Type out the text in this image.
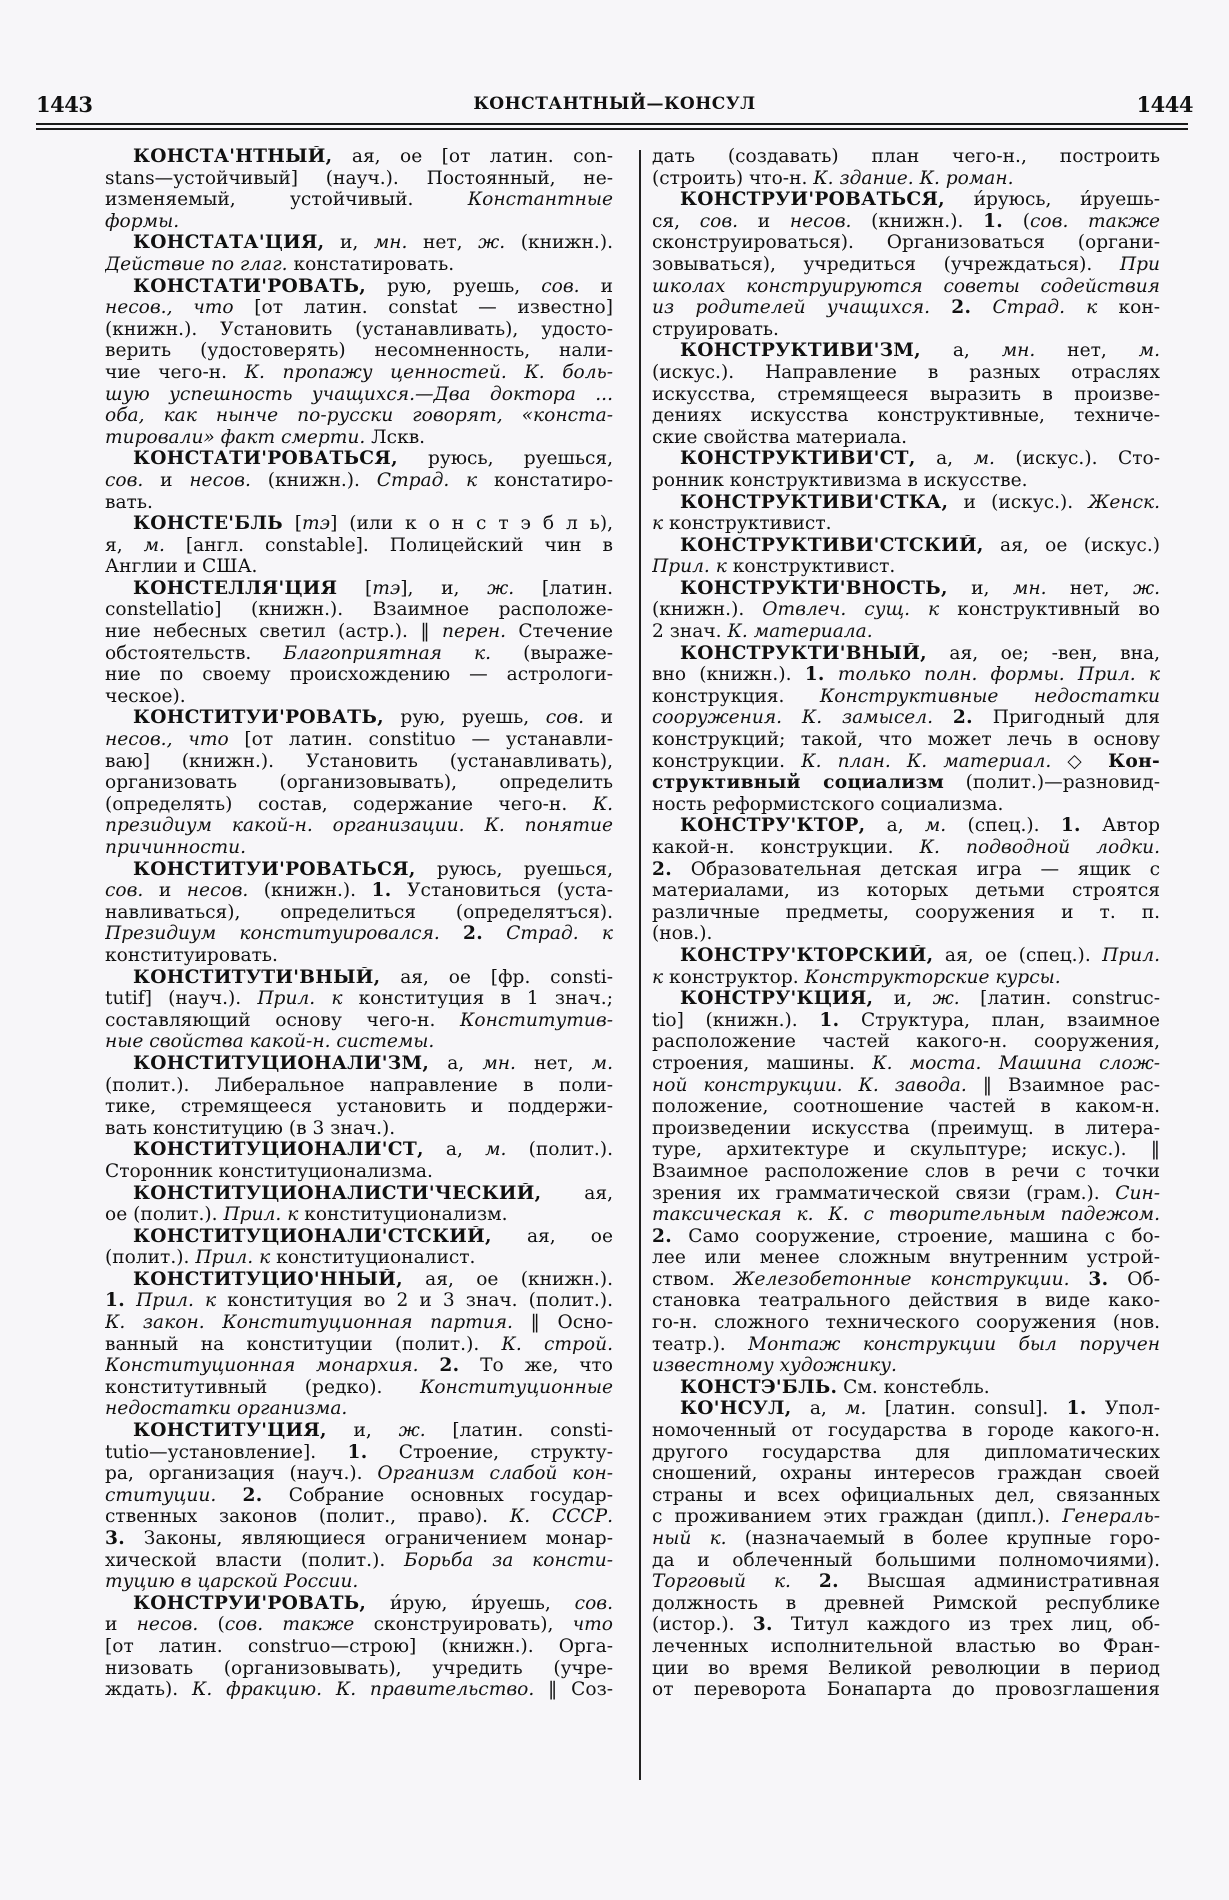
1443	КОНСТАНТНЫЙ—КОНСУЛ	1444
КОНСТА'НТНЫЙ, ая, ое [от латин. con-
stans—устойчивый] (науч.). Постоянный, не-
изменяемый, устойчивый. Константные
формы.
КОНСТАТА'ЦИЯ, и, мн. нет, ж. (книжн.).
Действие по глаг. констатировать.
КОНСТАТИ'РОВАТЬ, рую, руешь, сов. и
несов., что [от латин. constat — известно]
(книжн.). Установить (устанавливать), удосто-
верить (удостоверять) несомненность, нали-
чие чего-н. К. пропажу ценностей. К. боль-
шую успешность учащихся.—Два доктора ...
оба, как нынче по-русски говорят, «конста-
тировали» факт смерти. Лскв.
КОНСТАТИ'РОВАТЬСЯ, руюсь, руешься,
сов. и несов. (книжн.). Страд. к констатиро-
вать.
КОНСТЕ'БЛЬ [тэ] (или к о н с т э б л ь),
я, м. [англ. constable]. Полицейский чин в
Англии и США.
КОНСТЕЛЛЯ'ЦИЯ [тэ], и, ж. [латин.
constellatio] (книжн.). Взаимное расположе-
ние небесных светил (астр.). ‖ перен. Стечение
обстоятельств. Благоприятная к. (выраже-
ние по своему происхождению — астрологи-
ческое).
КОНСТИТУИ'РОВАТЬ, рую, руешь, сов. и
несов., что [от латин. constituo — устанавли-
ваю] (книжн.). Установить (устанавливать),
организовать (организовывать), определить
(определять) состав, содержание чего-н. К.
президиум какой-н. организации. К. понятие
причинности.
КОНСТИТУИ'РОВАТЬСЯ, руюсь, руешься,
сов. и несов. (книжн.). 1. Установиться (уста-
навливаться), определиться (определятъся).
Президиум конституировался. 2. Страд. к
конституировать.
КОНСТИТУТИ'ВНЫЙ, ая, ое [фр. consti-
tutif] (науч.). Прил. к конституция в 1 знач.;
составляющий основу чего-н. Конститутив-
ные свойства какой-н. системы.
КОНСТИТУЦИОНАЛИ'ЗМ, а, мн. нет, м.
(полит.). Либеральное направление в поли-
тике, стремящееся установить и поддержи-
вать конституцию (в 3 знач.).
КОНСТИТУЦИОНАЛИ'СТ, а, м. (полит.).
Сторонник конституционализма.
КОНСТИТУЦИОНАЛИСТИ'ЧЕСКИЙ, ая,
ое (полит.). Прил. к конституционализм.
КОНСТИТУЦИОНАЛИ'СТСКИЙ, ая, ое
(полит.). Прил. к конституционалист.
КОНСТИТУЦИО'ННЫЙ, ая, ое (книжн.).
1. Прил. к конституция во 2 и 3 знач. (полит.).
К. закон. Конституционная партия. ‖ Осно-
ванный на конституции (полит.). К. строй.
Конституционная монархия. 2. То же, что
конститутивный (редко). Конституционные
недостатки организма.
КОНСТИТУ'ЦИЯ, и, ж. [латин. consti-
tutio—установление]. 1. Строение, структу-
ра, организация (науч.). Организм слабой кон-
ституции. 2. Собрание основных государ-
ственных законов (полит., право). К. СССР.
3. Законы, являющиеся ограничением монар-
хической власти (полит.). Борьба за консти-
туцию в царской России.
КОНСТРУИ'РОВАТЬ, и́рую, и́руешь, сов.
и несов. (сов. также сконструировать), что
[от латин. construo—строю] (книжн.). Орга-
низовать (организовывать), учредить (учре-
ждать). К. фракцию. К. правительство. ‖ Соз-
дать (создавать) план чего-н., построить
(строить) что-н. К. здание. К. роман.
КОНСТРУИ'РОВАТЬСЯ, и́руюсь, и́руешь-
ся, сов. и несов. (книжн.). 1. (сов. также
сконструироваться). Организоваться (органи-
зовываться), учредиться (учреждаться). При
школах конструируются советы содействия
из родителей учащихся. 2. Страд. к кон-
струировать.
КОНСТРУКТИВИ'ЗМ, а, мн. нет, м.
(искус.). Направление в разных отраслях
искусства, стремящееся выразить в произве-
дениях искусства конструктивные, техниче-
ские свойства материала.
КОНСТРУКТИВИ'СТ, а, м. (искус.). Сто-
ронник конструктивизма в искусстве.
КОНСТРУКТИВИ'СТКА, и (искус.). Женск.
к конструктивист.
КОНСТРУКТИВИ'СТСКИЙ, ая, ое (искус.)
Прил. к конструктивист.
КОНСТРУКТИ'ВНОСТЬ, и, мн. нет, ж.
(книжн.). Отвлеч. сущ. к конструктивный во
2 знач. К. материала.
КОНСТРУКТИ'ВНЫЙ, ая, ое; -вен, вна,
вно (книжн.). 1. только полн. формы. Прил. к
конструкция. Конструктивные недостатки
сооружения. К. замысел. 2. Пригодный для
конструкций; такой, что может лечь в основу
конструкции. К. план. К. материал. ◇ Кон-
структивный социализм (полит.)—разновид-
ность реформистского социализма.
КОНСТРУ'КТОР, а, м. (спец.). 1. Автор
какой-н. конструкции. К. подводной лодки.
2. Образовательная детская игра — ящик с
материалами, из которых детьми строятся
различные предметы, сооружения и т. п.
(нов.).
КОНСТРУ'КТОРСКИЙ, ая, ое (спец.). Прил.
к конструктор. Конструкторские курсы.
КОНСТРУ'КЦИЯ, и, ж. [латин. construc-
tio] (книжн.). 1. Структура, план, взаимное
расположение частей какого-н. сооружения,
строения, машины. К. моста. Машина слож-
ной конструкции. К. завода. ‖ Взаимное рас-
положение, соотношение частей в каком-н.
произведении искусства (преимущ. в литера-
туре, архитектуре и скульптуре; искус.). ‖
Взаимное расположение слов в речи с точки
зрения их грамматической связи (грам.). Син-
таксическая к. К. с творительным падежом.
2. Само сооружение, строение, машина с бо-
лее или менее сложным внутренним устрой-
ством. Железобетонные конструкции. 3. Об-
становка театрального действия в виде како-
го-н. сложного технического сооружения (нов.
театр.). Монтаж конструкции был поручен
известному художнику.
КОНСТЭ'БЛЬ. См. констебль.
КО'НСУЛ, а, м. [латин. consul]. 1. Упол-
номоченный от государства в городе какого-н.
другого государства для дипломатических
сношений, охраны интересов граждан своей
страны и всех официальных дел, связанных
с проживанием этих граждан (дипл.). Генераль-
ный к. (назначаемый в более крупные горо-
да и облеченный большими полномочиями).
Торговый к. 2. Высшая административная
должность в древней Римской республике
(истор.). 3. Титул каждого из трех лиц, об-
леченных исполнительной властью во Фран-
ции во время Великой революции в период
от переворота Бонапарта до провозглашения
